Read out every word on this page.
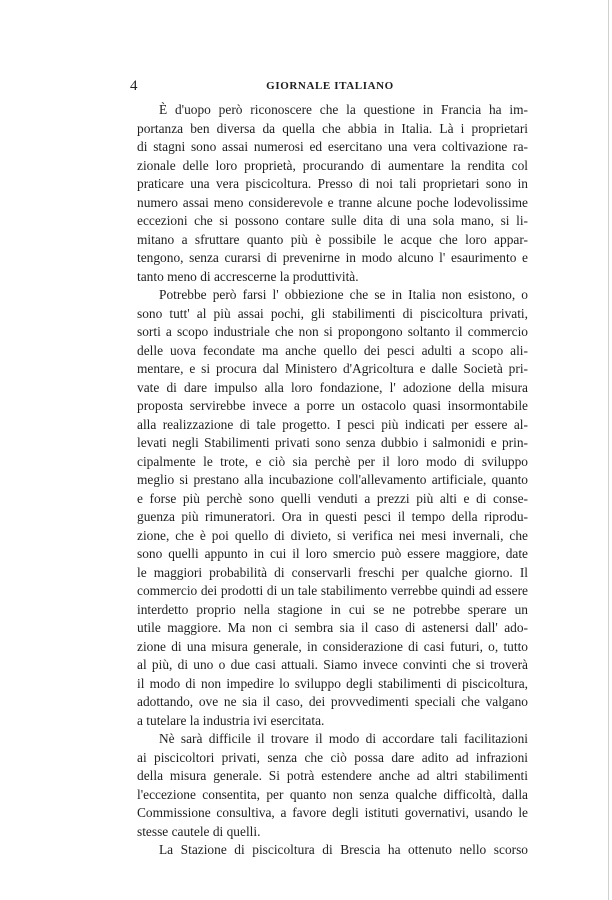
4	GIORNALE ITALIANO
È d'uopo però riconoscere che la questione in Francia ha im-
portanza ben diversa da quella che abbia in Italia. Là i proprietari
di stagni sono assai numerosi ed esercitano una vera coltivazione ra-
zionale delle loro proprietà, procurando di aumentare la rendita col
praticare una vera piscicoltura. Presso di noi tali proprietari sono in
numero assai meno considerevole e tranne alcune poche lodevolissime
eccezioni che si possono contare sulle dita di una sola mano, si li-
mitano a sfruttare quanto più è possibile le acque che loro appar-
tengono, senza curarsi di prevenirne in modo alcuno l' esaurimento e
tanto meno di accrescerne la produttività.
Potrebbe però farsi l' obbiezione che se in Italia non esistono, o
sono tutt' al più assai pochi, gli stabilimenti di piscicoltura privati,
sorti a scopo industriale che non si propongono soltanto il commercio
delle uova fecondate ma anche quello dei pesci adulti a scopo ali-
mentare, e si procura dal Ministero d'Agricoltura e dalle Società pri-
vate di dare impulso alla loro fondazione, l' adozione della misura
proposta servirebbe invece a porre un ostacolo quasi insormontabile
alla realizzazione di tale progetto. I pesci più indicati per essere al-
levati negli Stabilimenti privati sono senza dubbio i salmonidi e prin-
cipalmente le trote, e ciò sia perchè per il loro modo di sviluppo
meglio si prestano alla incubazione coll'allevamento artificiale, quanto
e forse più perchè sono quelli venduti a prezzi più alti e di conse-
guenza più rimuneratori. Ora in questi pesci il tempo della riprodu-
zione, che è poi quello di divieto, si verifica nei mesi invernali, che
sono quelli appunto in cui il loro smercio può essere maggiore, date
le maggiori probabilità di conservarli freschi per qualche giorno. Il
commercio dei prodotti di un tale stabilimento verrebbe quindi ad essere
interdetto proprio nella stagione in cui se ne potrebbe sperare un
utile maggiore. Ma non ci sembra sia il caso di astenersi dall' ado-
zione di una misura generale, in considerazione di casi futuri, o, tutto
al più, di uno o due casi attuali. Siamo invece convinti che si troverà
il modo di non impedire lo sviluppo degli stabilimenti di piscicoltura,
adottando, ove ne sia il caso, dei provvedimenti speciali che valgano
a tutelare la industria ivi esercitata.
Nè sarà difficile il trovare il modo di accordare tali facilitazioni
ai piscicoltori privati, senza che ciò possa dare adito ad infrazioni
della misura generale. Si potrà estendere anche ad altri stabilimenti
l'eccezione consentita, per quanto non senza qualche difficoltà, dalla
Commissione consultiva, a favore degli istituti governativi, usando le
stesse cautele di quelli.
La Stazione di piscicoltura di Brescia ha ottenuto nello scorso
